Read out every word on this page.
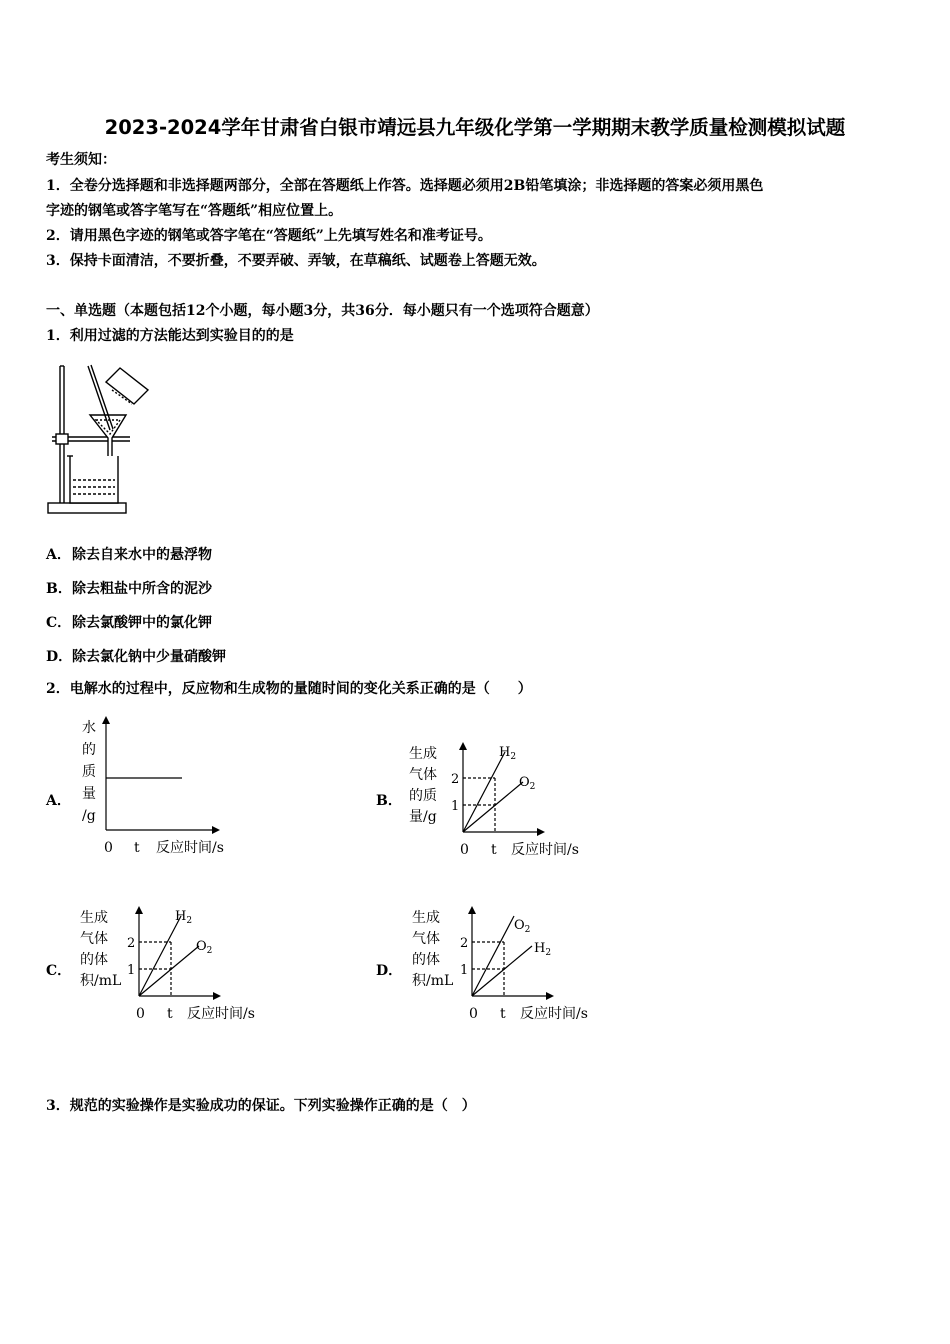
2023-2024学年甘肃省白银市靖远县九年级化学第一学期期末教学质量检测模拟试题
考生须知：
1．全卷分选择题和非选择题两部分，全部在答题纸上作答。选择题必须用2B铅笔填涂；非选择题的答案必须用黑色
字迹的钢笔或答字笔写在“答题纸”相应位置上。
2．请用黑色字迹的钢笔或答字笔在“答题纸”上先填写姓名和准考证号。
3．保持卡面清洁，不要折叠，不要弄破、弄皱，在草稿纸、试题卷上答题无效。
一、单选题（本题包括12个小题，每小题3分，共36分．每小题只有一个选项符合题意）
1．利用过滤的方法能达到实验目的的是
A．除去自来水中的悬浮物
B．除去粗盐中所含的泥沙
C．除去氯酸钾中的氯化钾
D．除去氯化钠中少量硝酸钾
2．电解水的过程中，反应物和生成物的量随时间的变化关系正确的是（　　）
A．
水
的
质
量
/g
0 t 反应时间/s
B．
生成
气体
的质
量/g
2
1
$H_2$
$O_2$
0 t 反应时间/s
C．
生成
气体
的体
积/mL
2
1
$H_2$
$O_2$
0 t 反应时间/s
D．
生成
气体
的体
积/mL
2
1
$O_2$
$H_2$
0 t 反应时间/s
3．规范的实验操作是实验成功的保证。下列实验操作正确的是（　）
